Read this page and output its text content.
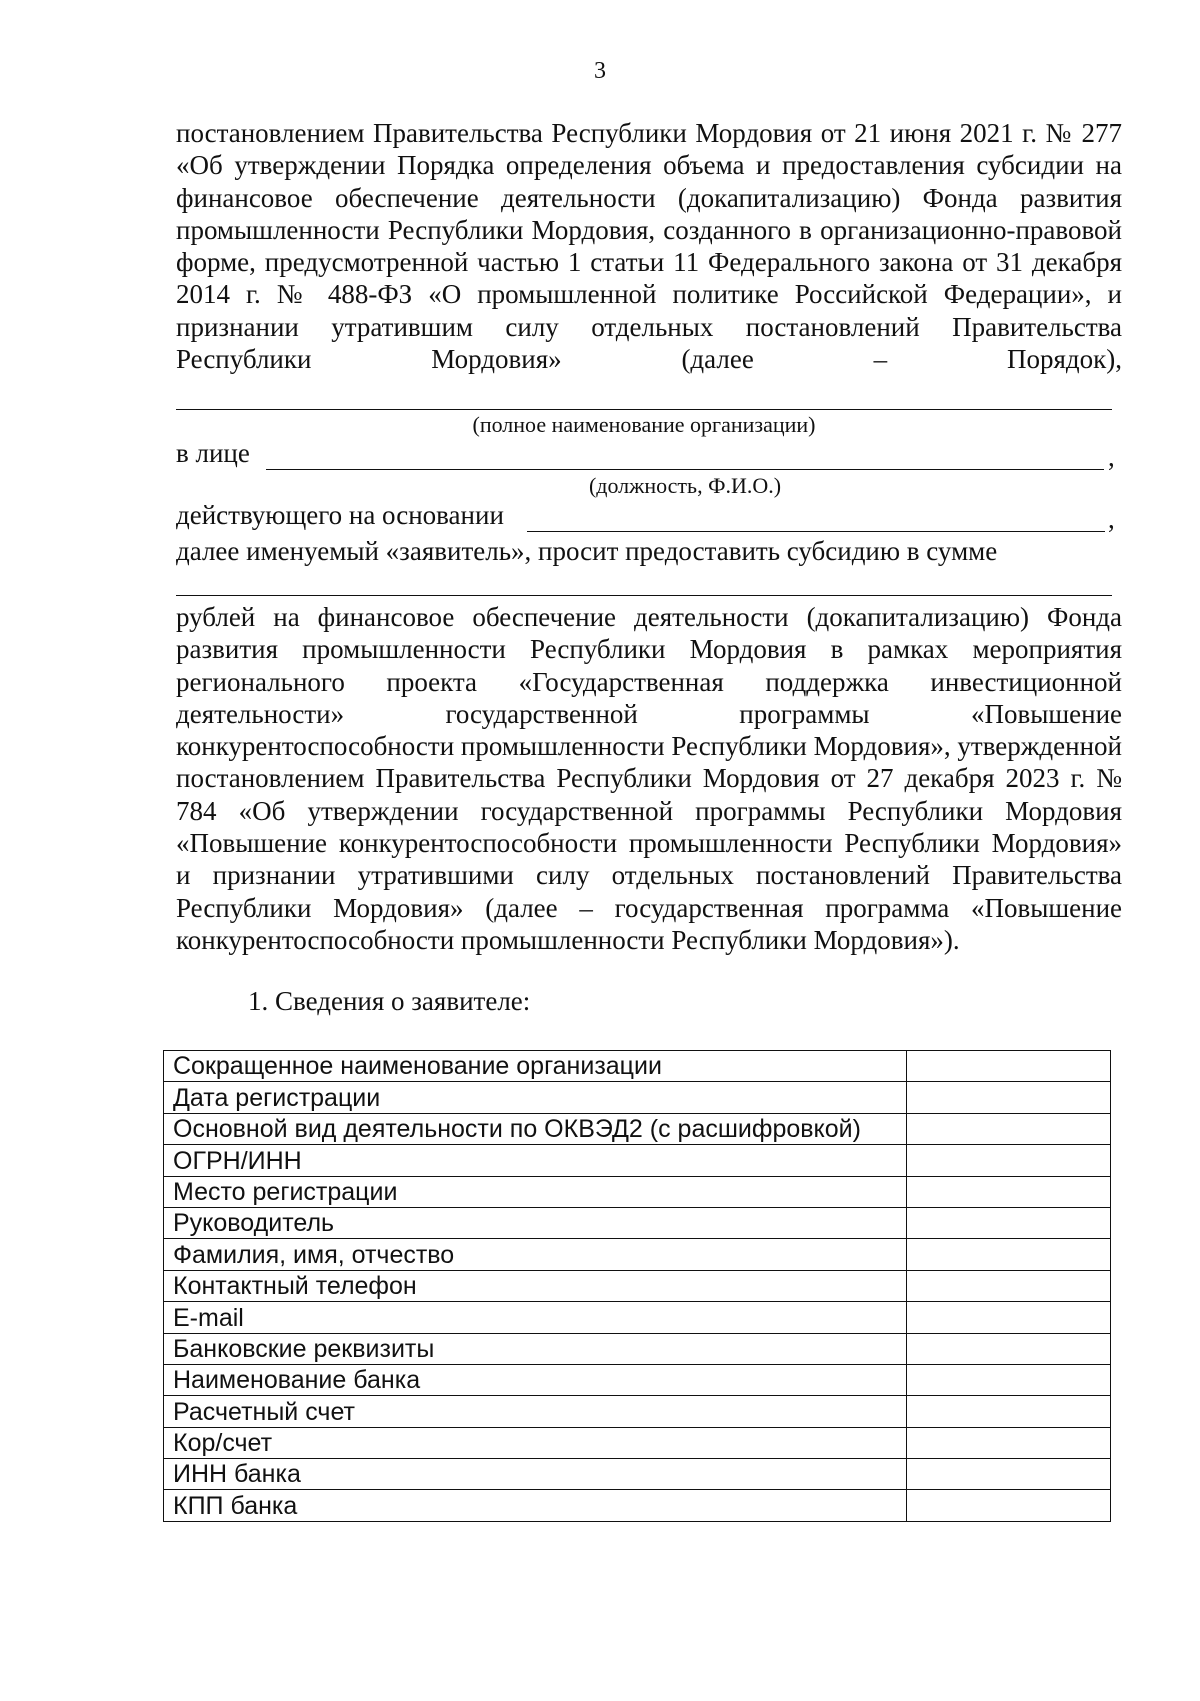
3
постановлением Правительства Республики Мордовия от 21 июня 2021 г. № 277 «Об утверждении Порядка определения объема и предоставления субсидии на финансовое обеспечение деятельности (докапитализацию) Фонда развития промышленности Республики Мордовия, созданного в организационно-правовой форме, предусмотренной частью 1 статьи 11 Федерального закона от 31 декабря 2014 г. № 488-ФЗ «О промышленной политике Российской Федерации», и признании утратившим силу отдельных постановлений Правительства Республики Мордовия» (далее – Порядок),
(полное наименование организации)
в лице	,
(должность, Ф.И.О.)
действующего на основании	,
далее именуемый «заявитель», просит предоставить субсидию в сумме
рублей на финансовое обеспечение деятельности (докапитализацию) Фонда развития промышленности Республики Мордовия в рамках мероприятия регионального проекта «Государственная поддержка инвестиционной деятельности» государственной программы «Повышение конкурентоспособности промышленности Республики Мордовия», утвержденной постановлением Правительства Республики Мордовия от 27 декабря 2023 г. № 784 «Об утверждении государственной программы Республики Мордовия «Повышение конкурентоспособности промышленности Республики Мордовия» и признании утратившими силу отдельных постановлений Правительства Республики Мордовия» (далее – государственная программа «Повышение конкурентоспособности промышленности Республики Мордовия»).
1. Сведения о заявителе:
Сокращенное наименование организации	
Дата регистрации	
Основной вид деятельности по ОКВЭД2 (с расшифровкой)	
ОГРН/ИНН	
Место регистрации	
Руководитель	
Фамилия, имя, отчество	
Контактный телефон	
E-mail	
Банковские реквизиты	
Наименование банка	
Расчетный счет	
Кор/счет	
ИНН банка	
КПП банка	
